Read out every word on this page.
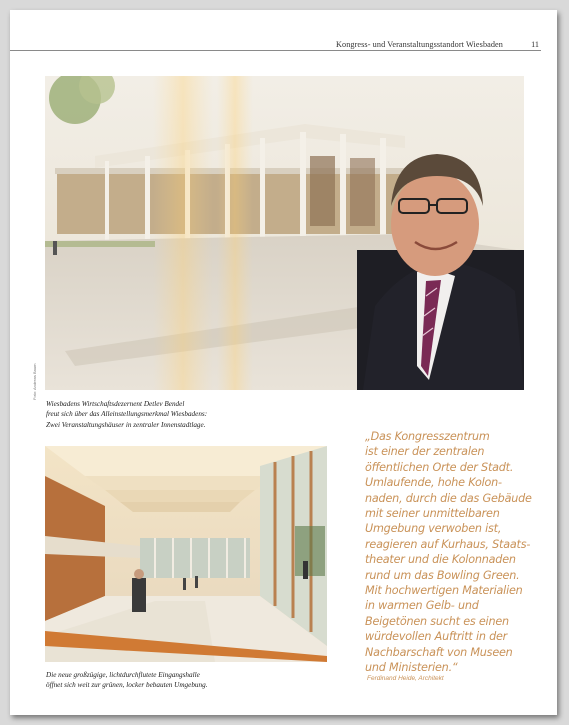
Kongress- und Veranstaltungsstandort Wiesbaden	11
Foto: Andreas Baum
Wiesbadens Wirtschaftsdezernent Detlev Bendel
freut sich über das Alleinstellungsmerkmal Wiesbadens:
Zwei Veranstaltungshäuser in zentraler Innenstadtlage.
Die neue großzügige, lichtdurchflutete Eingangshalle
öffnet sich weit zur grünen, locker bebauten Umgebung.
„Das Kongresszentrum
ist einer der zentralen
öffentlichen Orte der Stadt.
Umlaufende, hohe Kolon-
naden, durch die das Gebäude
mit seiner unmittelbaren
Umgebung verwoben ist,
reagieren auf Kurhaus, Staats-
theater und die Kolonnaden
rund um das Bowling Green.
Mit hochwertigen Materialien
in warmen Gelb- und
Beigetönen sucht es einen
würdevollen Auftritt in der
Nachbarschaft von Museen
und Ministerien.“
Ferdinand Heide, Architekt
